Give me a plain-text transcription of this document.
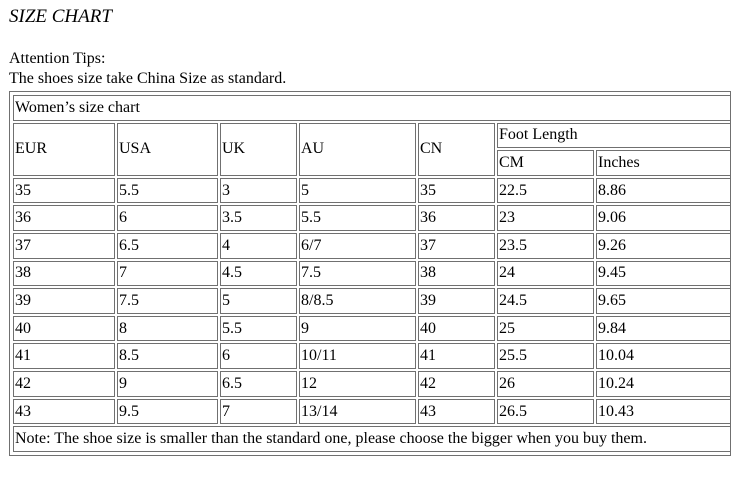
SIZE CHART
Attention Tips:
The shoes size take China Size as standard.
Women’s size chart						
EUR	USA	UK	AU	CN	Foot Length	
					CM	Inches
35	5.5	3	5	35	22.5	8.86
36	6	3.5	5.5	36	23	9.06
37	6.5	4	6/7	37	23.5	9.26
38	7	4.5	7.5	38	24	9.45
39	7.5	5	8/8.5	39	24.5	9.65
40	8	5.5	9	40	25	9.84
41	8.5	6	10/11	41	25.5	10.04
42	9	6.5	12	42	26	10.24
43	9.5	7	13/14	43	26.5	10.43
Note: The shoe size is smaller than the standard one, please choose the bigger when you buy them.						
